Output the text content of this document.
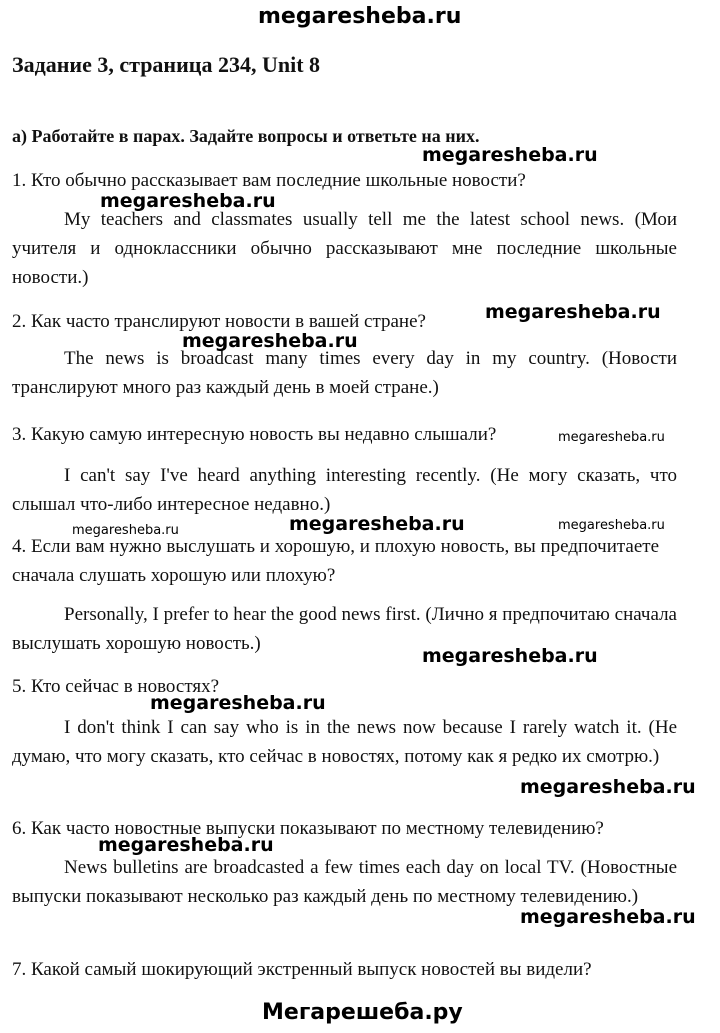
megaresheba.ru
Задание 3, страница 234, Unit 8
а) Работайте в парах. Задайте вопросы и ответьте на них.
1. Кто обычно рассказывает вам последние школьные новости?
My teachers and classmates usually tell me the latest school news. (Мои учителя и одноклассники обычно рассказывают мне последние школьные новости.)
2. Как часто транслируют новости в вашей стране?
The news is broadcast many times every day in my country. (Новости транслируют много раз каждый день в моей стране.)
3. Какую самую интересную новость вы недавно слышали?
I can't say I've heard anything interesting recently. (Не могу сказать, что слышал что-либо интересное недавно.)
4. Если вам нужно выслушать и хорошую, и плохую новость, вы предпочитаете сначала слушать хорошую или плохую?
Personally, I prefer to hear the good news first. (Лично я предпочитаю сначала выслушать хорошую новость.)
5. Кто сейчас в новостях?
I don't think I can say who is in the news now because I rarely watch it. (Не думаю, что могу сказать, кто сейчас в новостях, потому как я редко их смотрю.)
6. Как часто новостные выпуски показывают по местному телевидению?
News bulletins are broadcasted a few times each day on local TV. (Новостные выпуски показывают несколько раз каждый день по местному телевидению.)
7. Какой самый шокирующий экстренный выпуск новостей вы видели?
megaresheba.ru
megaresheba.ru
megaresheba.ru
megaresheba.ru
megaresheba.ru
megaresheba.ru	megaresheba.ru	megaresheba.ru
megaresheba.ru
megaresheba.ru
megaresheba.ru
megaresheba.ru
megaresheba.ru
Мегарешеба.ру
